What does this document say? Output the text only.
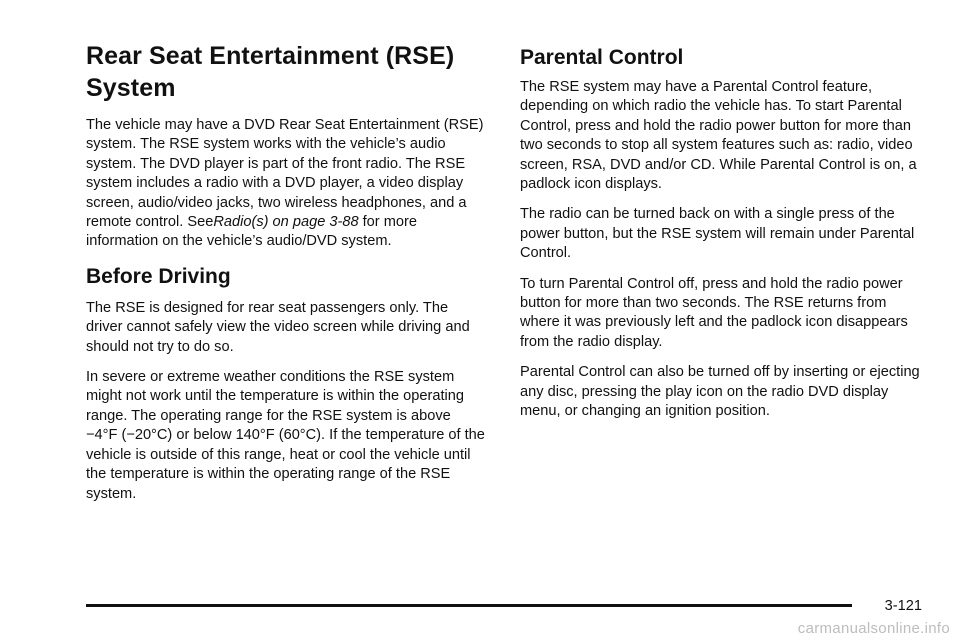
Rear Seat Entertainment (RSE) System

The vehicle may have a DVD Rear Seat Entertainment (RSE) system. The RSE system works with the vehicle’s audio system. The DVD player is part of the front radio. The RSE system includes a radio with a DVD player, a video display screen, audio/video jacks, two wireless headphones, and a remote control. SeeRadio(s) on page 3-88 for more information on the vehicle’s audio/DVD system.

Before Driving

The RSE is designed for rear seat passengers only. The driver cannot safely view the video screen while driving and should not try to do so.

In severe or extreme weather conditions the RSE system might not work until the temperature is within the operating range. The operating range for the RSE system is above −4°F (−20°C) or below 140°F (60°C). If the temperature of the vehicle is outside of this range, heat or cool the vehicle until the temperature is within the operating range of the RSE system.

Parental Control

The RSE system may have a Parental Control feature, depending on which radio the vehicle has. To start Parental Control, press and hold the radio power button for more than two seconds to stop all system features such as: radio, video screen, RSA, DVD and/or CD. While Parental Control is on, a padlock icon displays.

The radio can be turned back on with a single press of the power button, but the RSE system will remain under Parental Control.

To turn Parental Control off, press and hold the radio power button for more than two seconds. The RSE returns from where it was previously left and the padlock icon disappears from the radio display.

Parental Control can also be turned off by inserting or ejecting any disc, pressing the play icon on the radio DVD display menu, or changing an ignition position.

3-121
carmanualsonline.info
